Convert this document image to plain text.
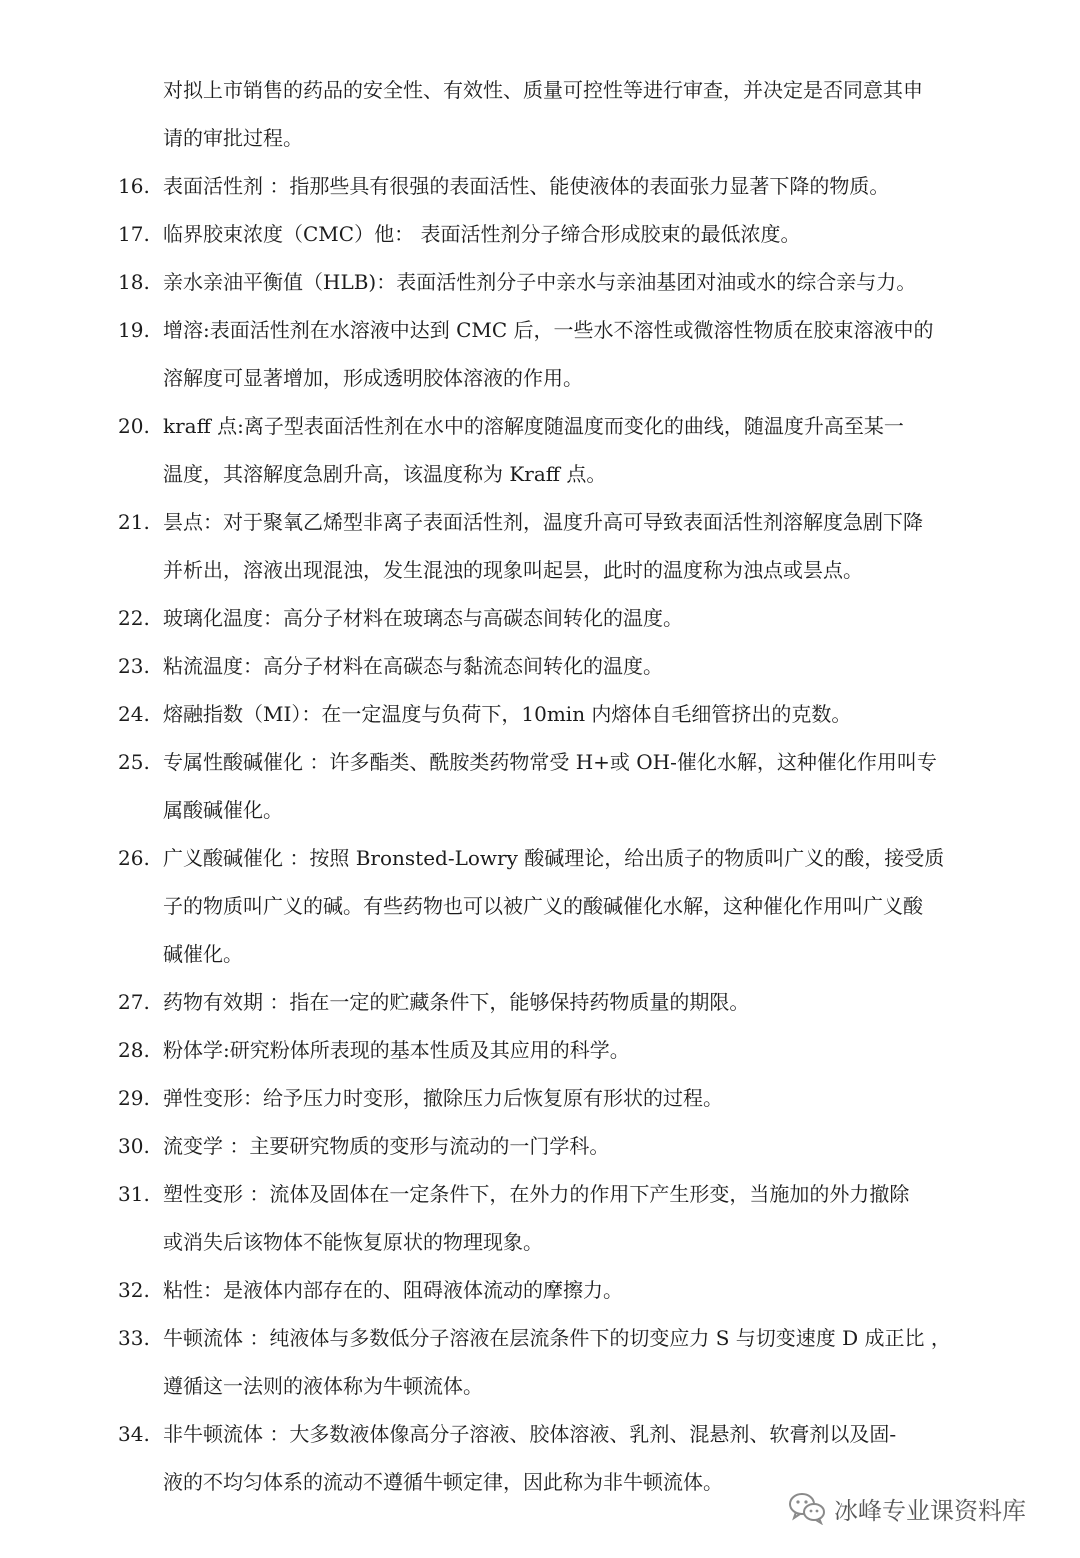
对拟上市销售的药品的安全性、有效性、质量可控性等进行审查，并决定是否同意其申
请的审批过程。
16. 表面活性剂 ：指那些具有很强的表面活性、能使液体的表面张力显著下降的物质。
17. 临界胶束浓度（CMC）他： 表面活性剂分子缔合形成胶束的最低浓度。
18. 亲水亲油平衡值（HLB)：表面活性剂分子中亲水与亲油基团对油或水的综合亲与力。
19. 增溶:表面活性剂在水溶液中达到 CMC 后，一些水不溶性或微溶性物质在胶束溶液中的
溶解度可显著增加，形成透明胶体溶液的作用。
20. kraff 点:离子型表面活性剂在水中的溶解度随温度而变化的曲线，随温度升高至某一
温度，其溶解度急剧升高，该温度称为 Kraff 点。
21. 昙点：对于聚氧乙烯型非离子表面活性剂，温度升高可导致表面活性剂溶解度急剧下降
并析出，溶液出现混浊，发生混浊的现象叫起昙，此时的温度称为浊点或昙点。
22. 玻璃化温度：高分子材料在玻璃态与高碳态间转化的温度。
23. 粘流温度：高分子材料在高碳态与黏流态间转化的温度。
24. 熔融指数（MI）：在一定温度与负荷下，10min 内熔体自毛细管挤出的克数。
25. 专属性酸碱催化 ：许多酯类、酰胺类药物常受 H+或 OH-催化水解，这种催化作用叫专
属酸碱催化。
26. 广义酸碱催化 ：按照 Bronsted-Lowry 酸碱理论，给出质子的物质叫广义的酸，接受质
子的物质叫广义的碱。有些药物也可以被广义的酸碱催化水解，这种催化作用叫广义酸
碱催化。
27. 药物有效期 ：指在一定的贮藏条件下，能够保持药物质量的期限。
28. 粉体学:研究粉体所表现的基本性质及其应用的科学。
29. 弹性变形：给予压力时变形，撤除压力后恢复原有形状的过程。
30. 流变学 ：主要研究物质的变形与流动的一门学科。
31. 塑性变形 ：流体及固体在一定条件下，在外力的作用下产生形变，当施加的外力撤除
或消失后该物体不能恢复原状的物理现象。
32. 粘性：是液体内部存在的、阻碍液体流动的摩擦力。
33. 牛顿流体 ：纯液体与多数低分子溶液在层流条件下的切变应力 S 与切变速度 D 成正比 ，
遵循这一法则的液体称为牛顿流体。
34. 非牛顿流体 ：大多数液体像高分子溶液、胶体溶液、乳剂、混悬剂、软膏剂以及固-
液的不均匀体系的流动不遵循牛顿定律，因此称为非牛顿流体。
冰峰专业课资料库
